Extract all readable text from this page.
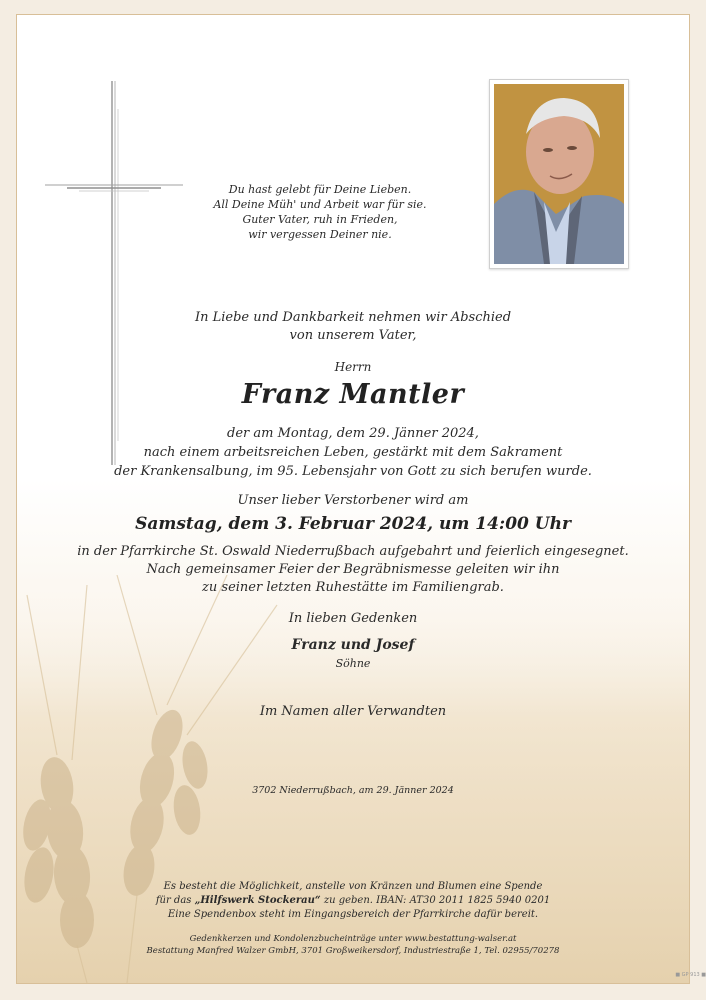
Du hast gelebt für Deine Lieben.
All Deine Müh' und Arbeit war für sie.
Guter Vater, ruh in Frieden,
wir vergessen Deiner nie.
In Liebe und Dankbarkeit nehmen wir Abschied
von unserem Vater,
Herrn
Franz Mantler
der am Montag, dem 29. Jänner 2024,
nach einem arbeitsreichen Leben, gestärkt mit dem Sakrament
der Krankensalbung, im 95. Lebensjahr von Gott zu sich berufen wurde.
Unser lieber Verstorbener wird am
Samstag, dem 3. Februar 2024, um 14:00 Uhr
in der Pfarrkirche St. Oswald Niederrußbach aufgebahrt und feierlich eingesegnet.
Nach gemeinsamer Feier der Begräbnismesse geleiten wir ihn
zu seiner letzten Ruhestätte im Familiengrab.
In lieben Gedenken
Franz und Josef
Söhne
Im Namen aller Verwandten
3702 Niederrußbach, am 29. Jänner 2024
Es besteht die Möglichkeit, anstelle von Kränzen und Blumen eine Spende
für das „Hilfswerk Stockerau“ zu geben. IBAN: AT30 2011 1825 5940 0201
Eine Spendenbox steht im Eingangsbereich der Pfarrkirche dafür bereit.
Gedenkkerzen und Kondolenzbucheinträge unter www.bestattung-walser.at
Bestattung Manfred Walzer GmbH, 3701 Großweikersdorf, Industriestraße 1, Tel. 02955/70278
■ GP 913 ■
